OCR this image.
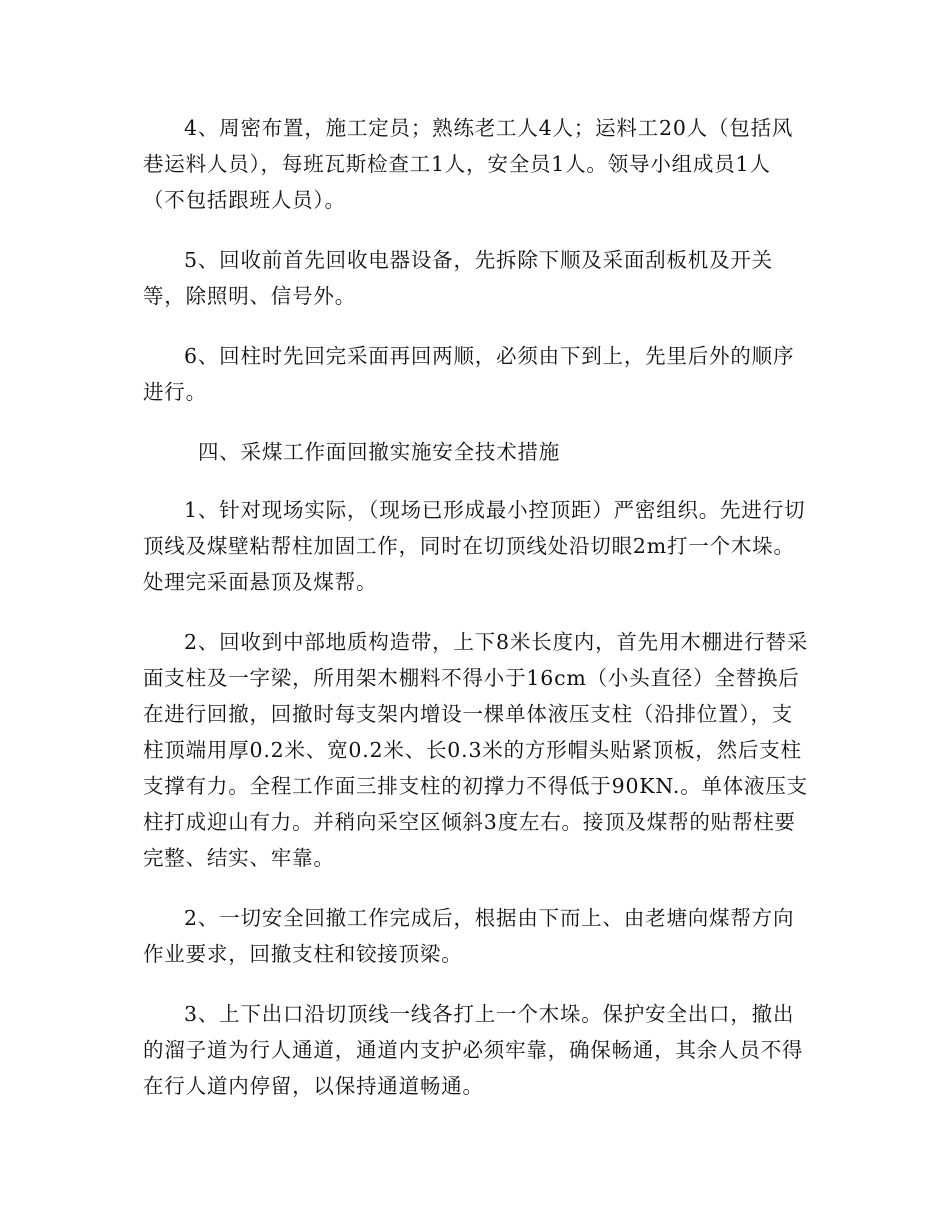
4、周密布置，施工定员；熟练老工人4人；运料工20人（包括风巷运料人员），每班瓦斯检查工1人，安全员1人。领导小组成员1人（不包括跟班人员）。

5、回收前首先回收电器设备，先拆除下顺及采面刮板机及开关等，除照明、信号外。

6、回柱时先回完采面再回两顺，必须由下到上，先里后外的顺序进行。

四、采煤工作面回撤实施安全技术措施

1、针对现场实际，（现场已形成最小控顶距）严密组织。先进行切顶线及煤壁粘帮柱加固工作，同时在切顶线处沿切眼2m打一个木垛。处理完采面悬顶及煤帮。

2、回收到中部地质构造带，上下8米长度内，首先用木棚进行替采面支柱及一字梁，所用架木棚料不得小于16cm（小头直径）全替换后在进行回撤，回撤时每支架内增设一棵单体液压支柱（沿排位置），支柱顶端用厚0.2米、宽0.2米、长0.3米的方形帽头贴紧顶板，然后支柱支撑有力。全程工作面三排支柱的初撑力不得低于90KN.。单体液压支柱打成迎山有力。并稍向采空区倾斜3度左右。接顶及煤帮的贴帮柱要完整、结实、牢靠。

2、一切安全回撤工作完成后，根据由下而上、由老塘向煤帮方向作业要求，回撤支柱和铰接顶梁。

3、上下出口沿切顶线一线各打上一个木垛。保护安全出口，撤出的溜子道为行人通道，通道内支护必须牢靠，确保畅通，其余人员不得在行人道内停留，以保持通道畅通。
